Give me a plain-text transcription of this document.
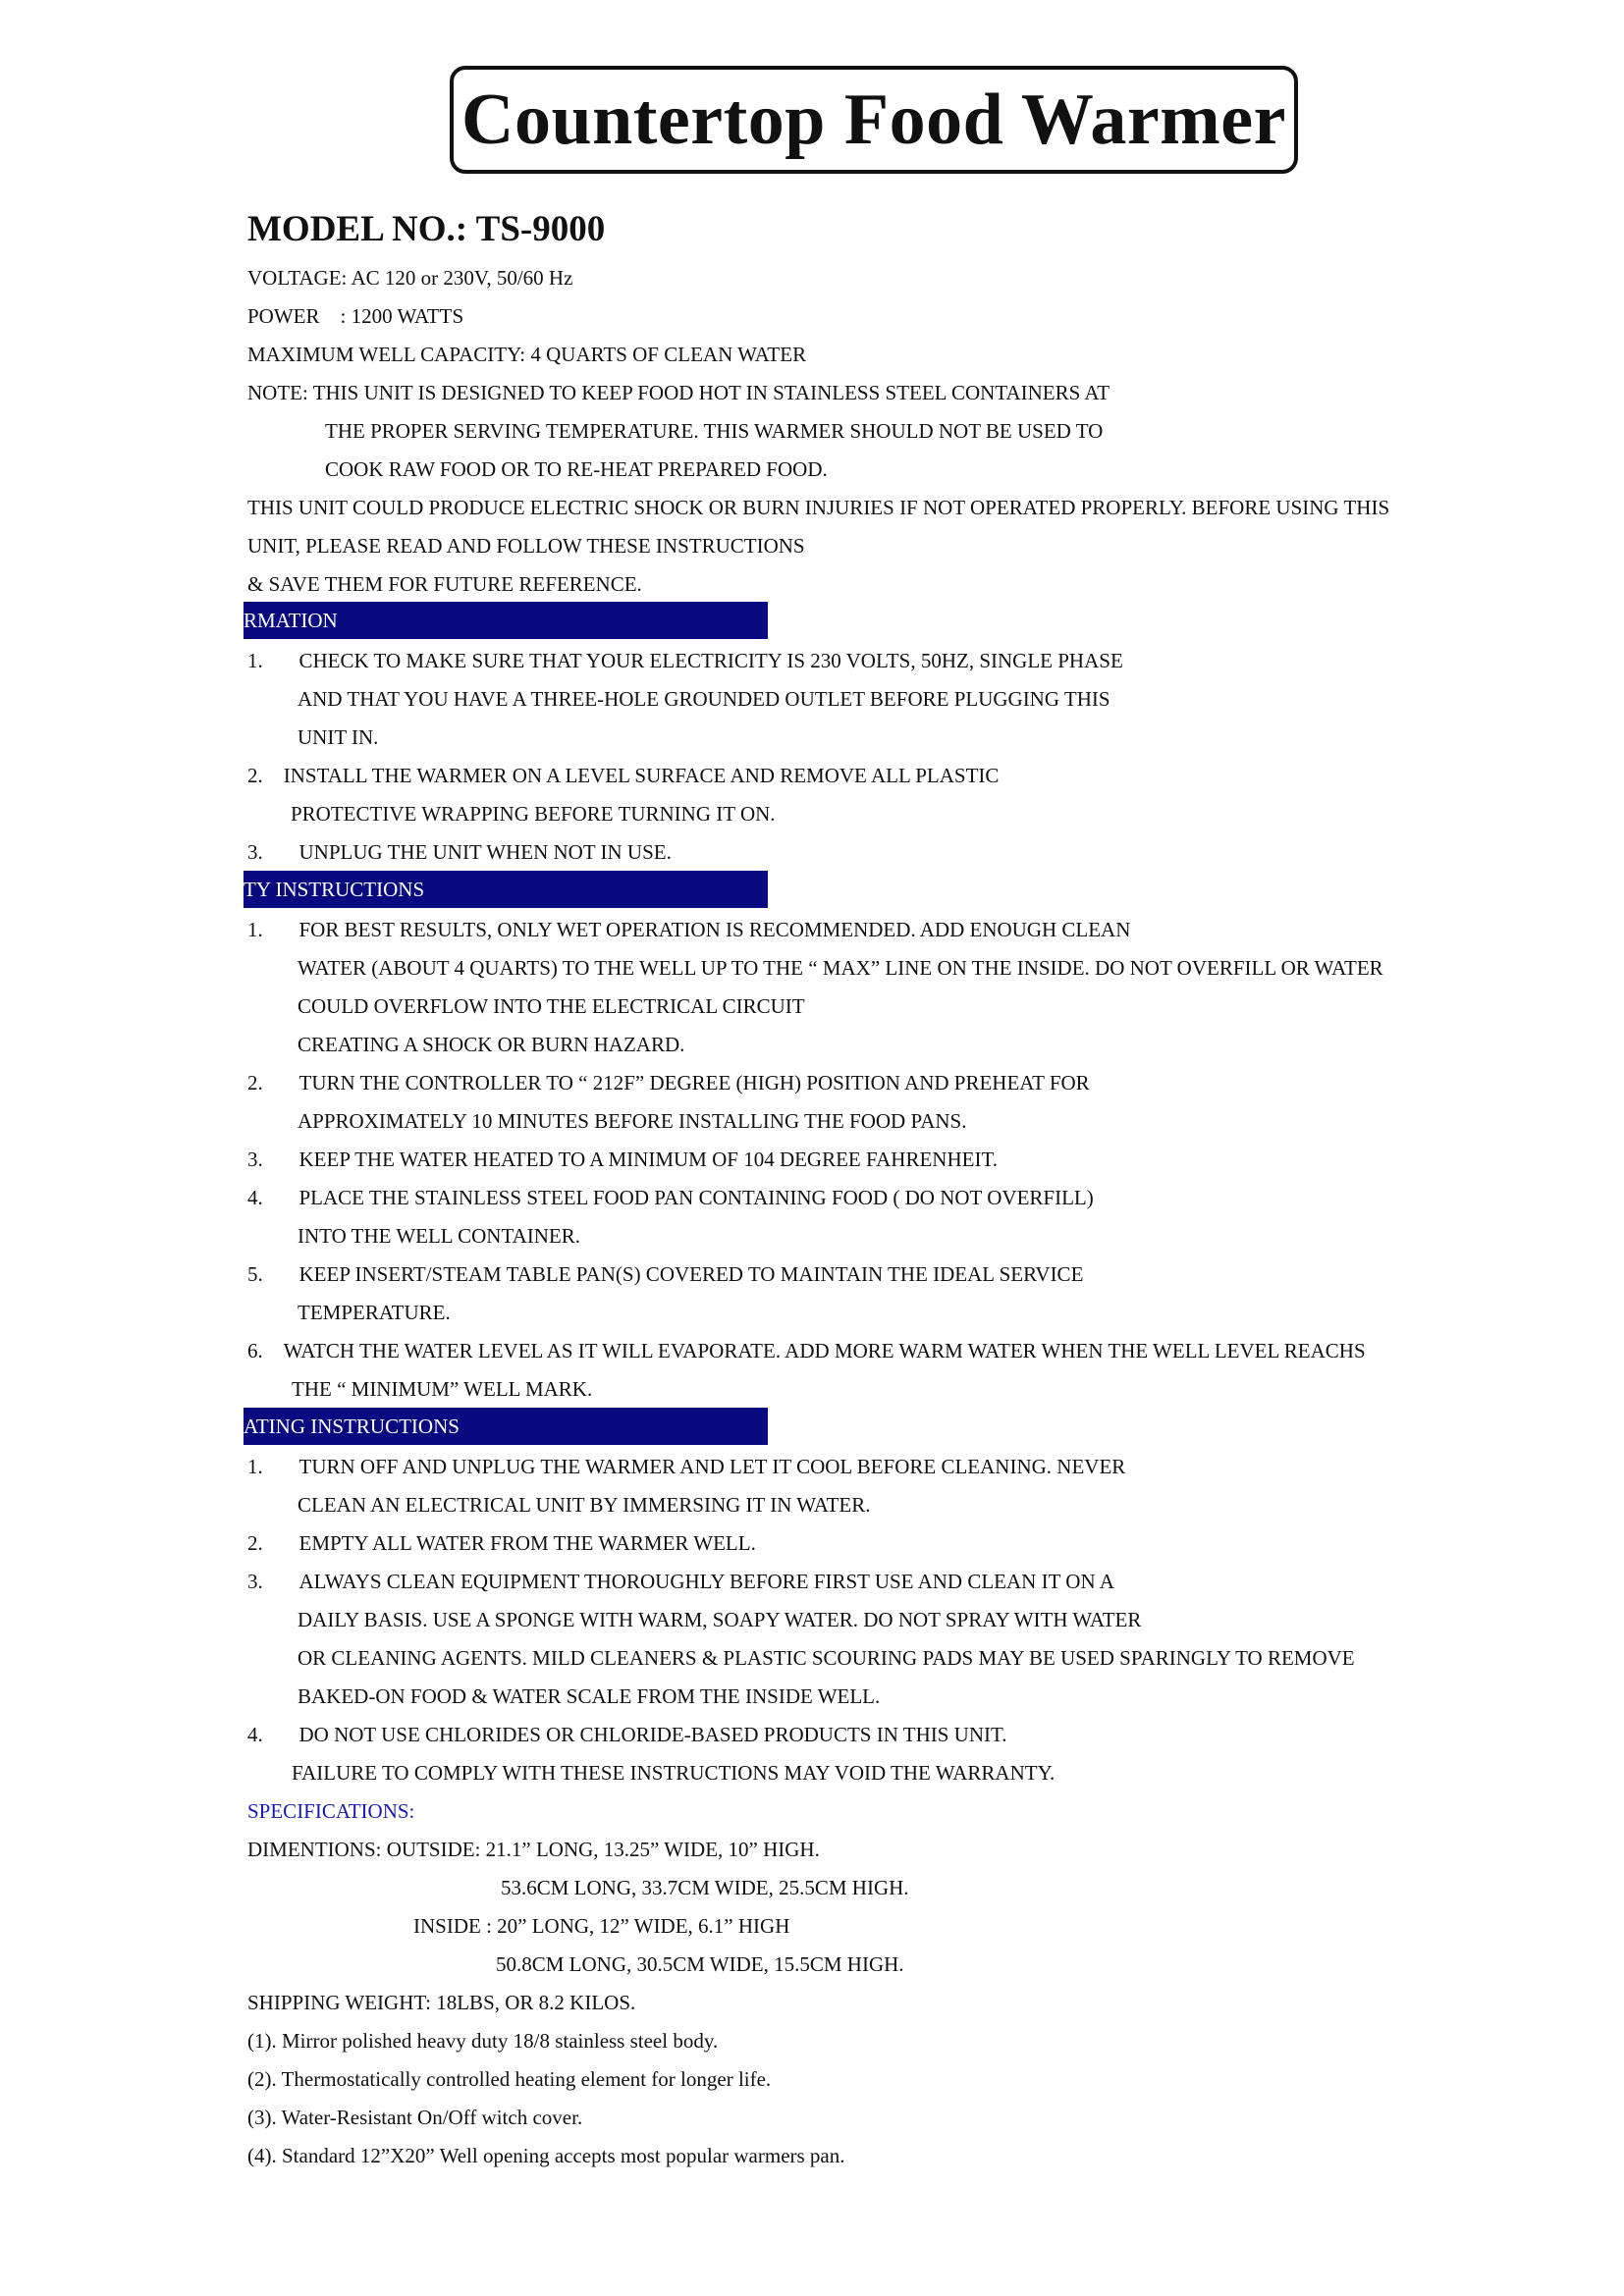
Countertop Food Warmer
MODEL NO.: TS-9000
VOLTAGE: AC 120 or 230V, 50/60 Hz
POWER    : 1200 WATTS
MAXIMUM WELL CAPACITY: 4 QUARTS OF CLEAN WATER
NOTE: THIS UNIT IS DESIGNED TO KEEP FOOD HOT IN STAINLESS STEEL CONTAINERS AT
THE PROPER SERVING TEMPERATURE. THIS WARMER SHOULD NOT BE USED TO
COOK RAW FOOD OR TO RE-HEAT PREPARED FOOD.
THIS UNIT COULD PRODUCE ELECTRIC SHOCK OR BURN INJURIES IF NOT OPERATED PROPERLY. BEFORE USING THIS
UNIT, PLEASE READ AND FOLLOW THESE INSTRUCTIONS
& SAVE THEM FOR FUTURE REFERENCE.
RMATION
1.       CHECK TO MAKE SURE THAT YOUR ELECTRICITY IS 230 VOLTS, 50HZ, SINGLE PHASE
AND THAT YOU HAVE A THREE-HOLE GROUNDED OUTLET BEFORE PLUGGING THIS
UNIT IN.
2.    INSTALL THE WARMER ON A LEVEL SURFACE AND REMOVE ALL PLASTIC
PROTECTIVE WRAPPING BEFORE TURNING IT ON.
3.       UNPLUG THE UNIT WHEN NOT IN USE.
TY INSTRUCTIONS
1.       FOR BEST RESULTS, ONLY WET OPERATION IS RECOMMENDED. ADD ENOUGH CLEAN
WATER (ABOUT 4 QUARTS) TO THE WELL UP TO THE “ MAX” LINE ON THE INSIDE. DO NOT OVERFILL OR WATER
COULD OVERFLOW INTO THE ELECTRICAL CIRCUIT
CREATING A SHOCK OR BURN HAZARD.
2.       TURN THE CONTROLLER TO “ 212F” DEGREE (HIGH) POSITION AND PREHEAT FOR
APPROXIMATELY 10 MINUTES BEFORE INSTALLING THE FOOD PANS.
3.       KEEP THE WATER HEATED TO A MINIMUM OF 104 DEGREE FAHRENHEIT.
4.       PLACE THE STAINLESS STEEL FOOD PAN CONTAINING FOOD ( DO NOT OVERFILL)
INTO THE WELL CONTAINER.
5.       KEEP INSERT/STEAM TABLE PAN(S) COVERED TO MAINTAIN THE IDEAL SERVICE
TEMPERATURE.
6.    WATCH THE WATER LEVEL AS IT WILL EVAPORATE. ADD MORE WARM WATER WHEN THE WELL LEVEL REACHS
THE “ MINIMUM” WELL MARK.
ATING INSTRUCTIONS
1.       TURN OFF AND UNPLUG THE WARMER AND LET IT COOL BEFORE CLEANING. NEVER
CLEAN AN ELECTRICAL UNIT BY IMMERSING IT IN WATER.
2.       EMPTY ALL WATER FROM THE WARMER WELL.
3.       ALWAYS CLEAN EQUIPMENT THOROUGHLY BEFORE FIRST USE AND CLEAN IT ON A
DAILY BASIS. USE A SPONGE WITH WARM, SOAPY WATER. DO NOT SPRAY WITH WATER
OR CLEANING AGENTS. MILD CLEANERS & PLASTIC SCOURING PADS MAY BE USED SPARINGLY TO REMOVE
BAKED-ON FOOD & WATER SCALE FROM THE INSIDE WELL.
4.       DO NOT USE CHLORIDES OR CHLORIDE-BASED PRODUCTS IN THIS UNIT.
FAILURE TO COMPLY WITH THESE INSTRUCTIONS MAY VOID THE WARRANTY.
SPECIFICATIONS:
DIMENTIONS: OUTSIDE: 21.1” LONG, 13.25” WIDE, 10” HIGH.
53.6CM LONG, 33.7CM WIDE, 25.5CM HIGH.
INSIDE : 20” LONG, 12” WIDE, 6.1” HIGH
50.8CM LONG, 30.5CM WIDE, 15.5CM HIGH.
SHIPPING WEIGHT: 18LBS, OR 8.2 KILOS.
(1). Mirror polished heavy duty 18/8 stainless steel body.
(2). Thermostatically controlled heating element for longer life.
(3). Water-Resistant On/Off witch cover.
(4). Standard 12”X20” Well opening accepts most popular warmers pan.
